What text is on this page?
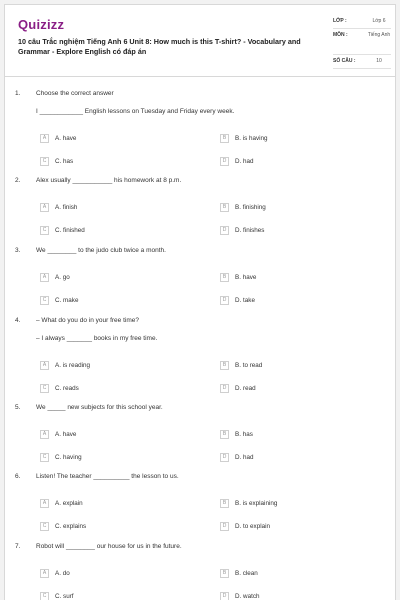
Quizizz
10 câu Trắc nghiệm Tiếng Anh 6 Unit 8: How much is this T-shirt? - Vocabulary and Grammar - Explore English có đáp án
LỚP :	Lớp 6
MÔN :	Tiếng Anh
SỐ CÂU :	10
1. Choose the correct answer
I ____________ English lessons on Tuesday and Friday every week.
A	A. have	B	B. is having
C	C. has	D	D. had
2. Alex usually ___________ his homework at 8 p.m.
A	A. finish	B	B. finishing
C	C. finished	D	D. finishes
3. We ________ to the judo club twice a month.
A	A. go	B	B. have
C	C. make	D	D. take
4. – What do you do in your free time?
– I always _______ books in my free time.
A	A. is reading	B	B. to read
C	C. reads	D	D. read
5. We _____ new subjects for this school year.
A	A. have	B	B. has
C	C. having	D	D. had
6. Listen! The teacher __________ the lesson to us.
A	A. explain	B	B. is explaining
C	C. explains	D	D. to explain
7. Robot will ________ our house for us in the future.
A	A. do	B	B. clean
C	C. surf	D	D. watch
